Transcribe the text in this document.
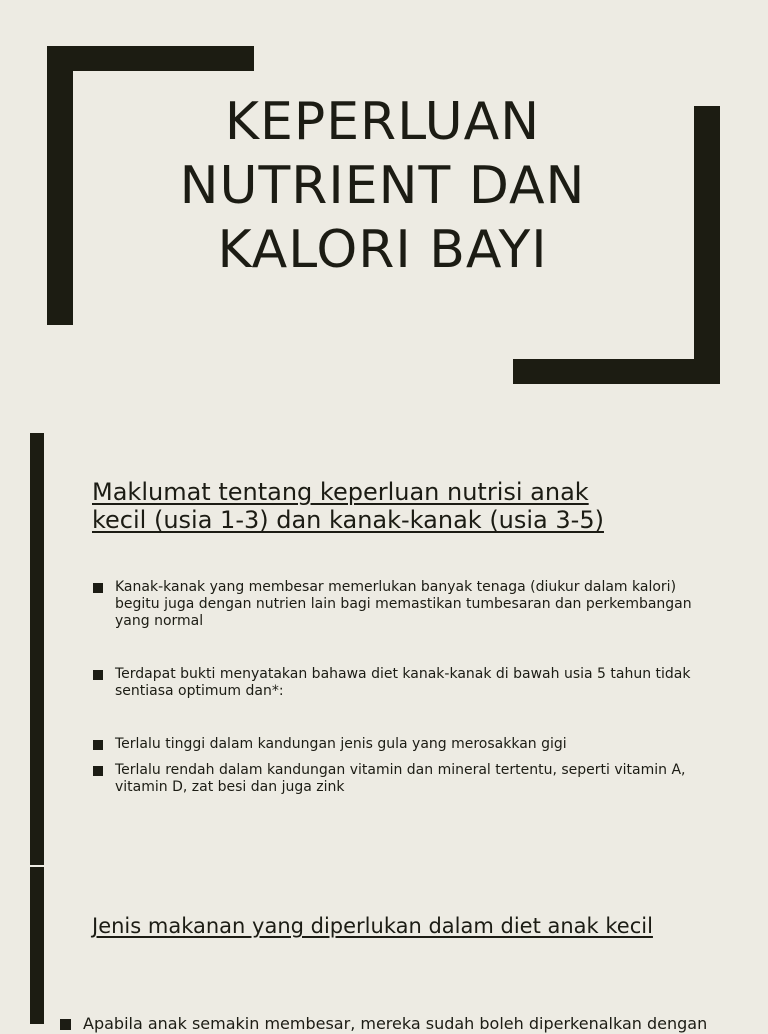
KEPERLUAN
NUTRIENT DAN
KALORI BAYI
Maklumat tentang keperluan nutrisi anak
kecil (usia 1-3) dan kanak-kanak (usia 3-5)
Kanak-kanak yang membesar memerlukan banyak tenaga (diukur dalam kalori) begitu juga dengan nutrien lain bagi memastikan tumbesaran dan perkembangan yang normal
Terdapat bukti menyatakan bahawa diet kanak-kanak di bawah usia 5 tahun tidak sentiasa optimum dan*:
Terlalu tinggi dalam kandungan jenis gula yang merosakkan gigi
Terlalu rendah dalam kandungan vitamin dan mineral tertentu, seperti vitamin A, vitamin D, zat besi dan juga zink
Jenis makanan yang diperlukan dalam diet anak kecil
Apabila anak semakin membesar, mereka sudah boleh diperkenalkan dengan
